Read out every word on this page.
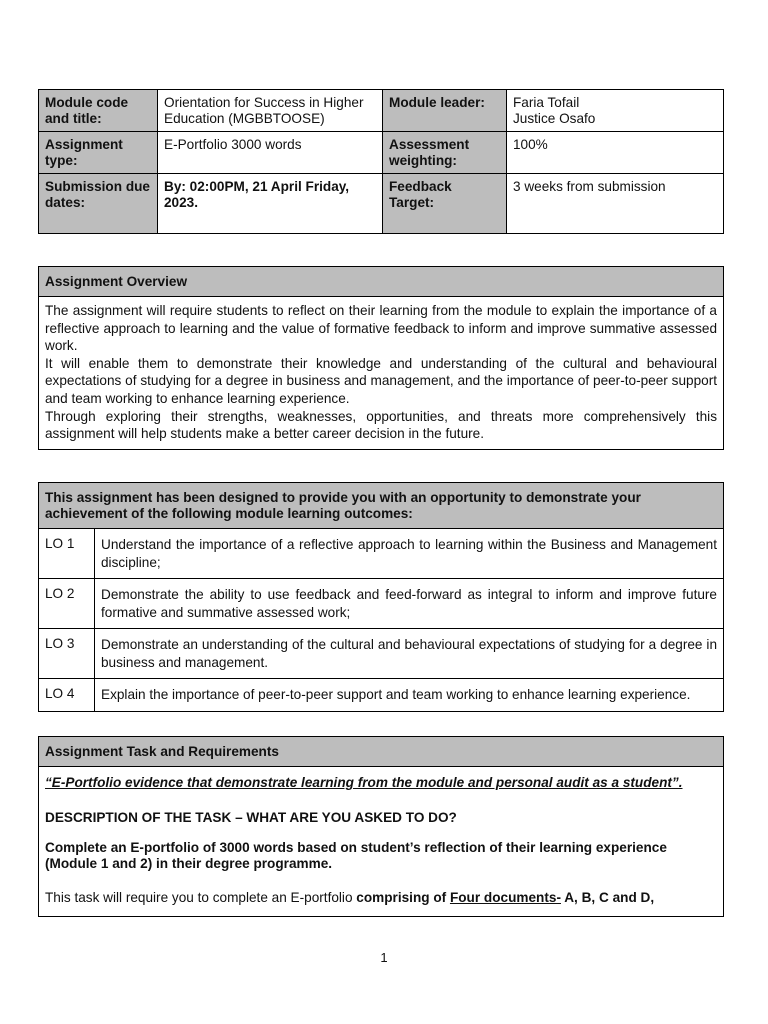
Module code and title:	Orientation for Success in Higher Education (MGBBTOOSE)	Module leader:	Faria Tofail
Justice Osafo

Assignment type:	E-Portfolio 3000 words	Assessment weighting:	100%
Submission due dates:	By: 02:00PM, 21 April Friday, 2023.	Feedback Target:	3 weeks from submission
Assignment Overview

The assignment will require students to reflect on their learning from the module to explain the importance of a reflective approach to learning and the value of formative feedback to inform and improve summative assessed work.

It will enable them to demonstrate their knowledge and understanding of the cultural and behavioural expectations of studying for a degree in business and management, and the importance of peer-to-peer support and team working to enhance learning experience.

Through exploring their strengths, weaknesses, opportunities, and threats more comprehensively this assignment will help students make a better career decision in the future.

This assignment has been designed to provide you with an opportunity to demonstrate your achievement of the following module learning outcomes:	
LO 1	Understand the importance of a reflective approach to learning within the Business and Management discipline;
LO 2	Demonstrate the ability to use feedback and feed-forward as integral to inform and improve future formative and summative assessed work;
LO 3	Demonstrate an understanding of the cultural and behavioural expectations of studying for a degree in business and management.
LO 4	Explain the importance of peer-to-peer support and team working to enhance learning experience.
Assignment Task and Requirements

“E-Portfolio evidence that demonstrate learning from the module and personal audit as a student”.

DESCRIPTION OF THE TASK – WHAT ARE YOU ASKED TO DO?

Complete an E-portfolio of 3000 words based on student’s reflection of their learning experience (Module 1 and 2) in their degree programme.

This task will require you to complete an E-portfolio comprising of Four documents- A, B, C and D,

1
